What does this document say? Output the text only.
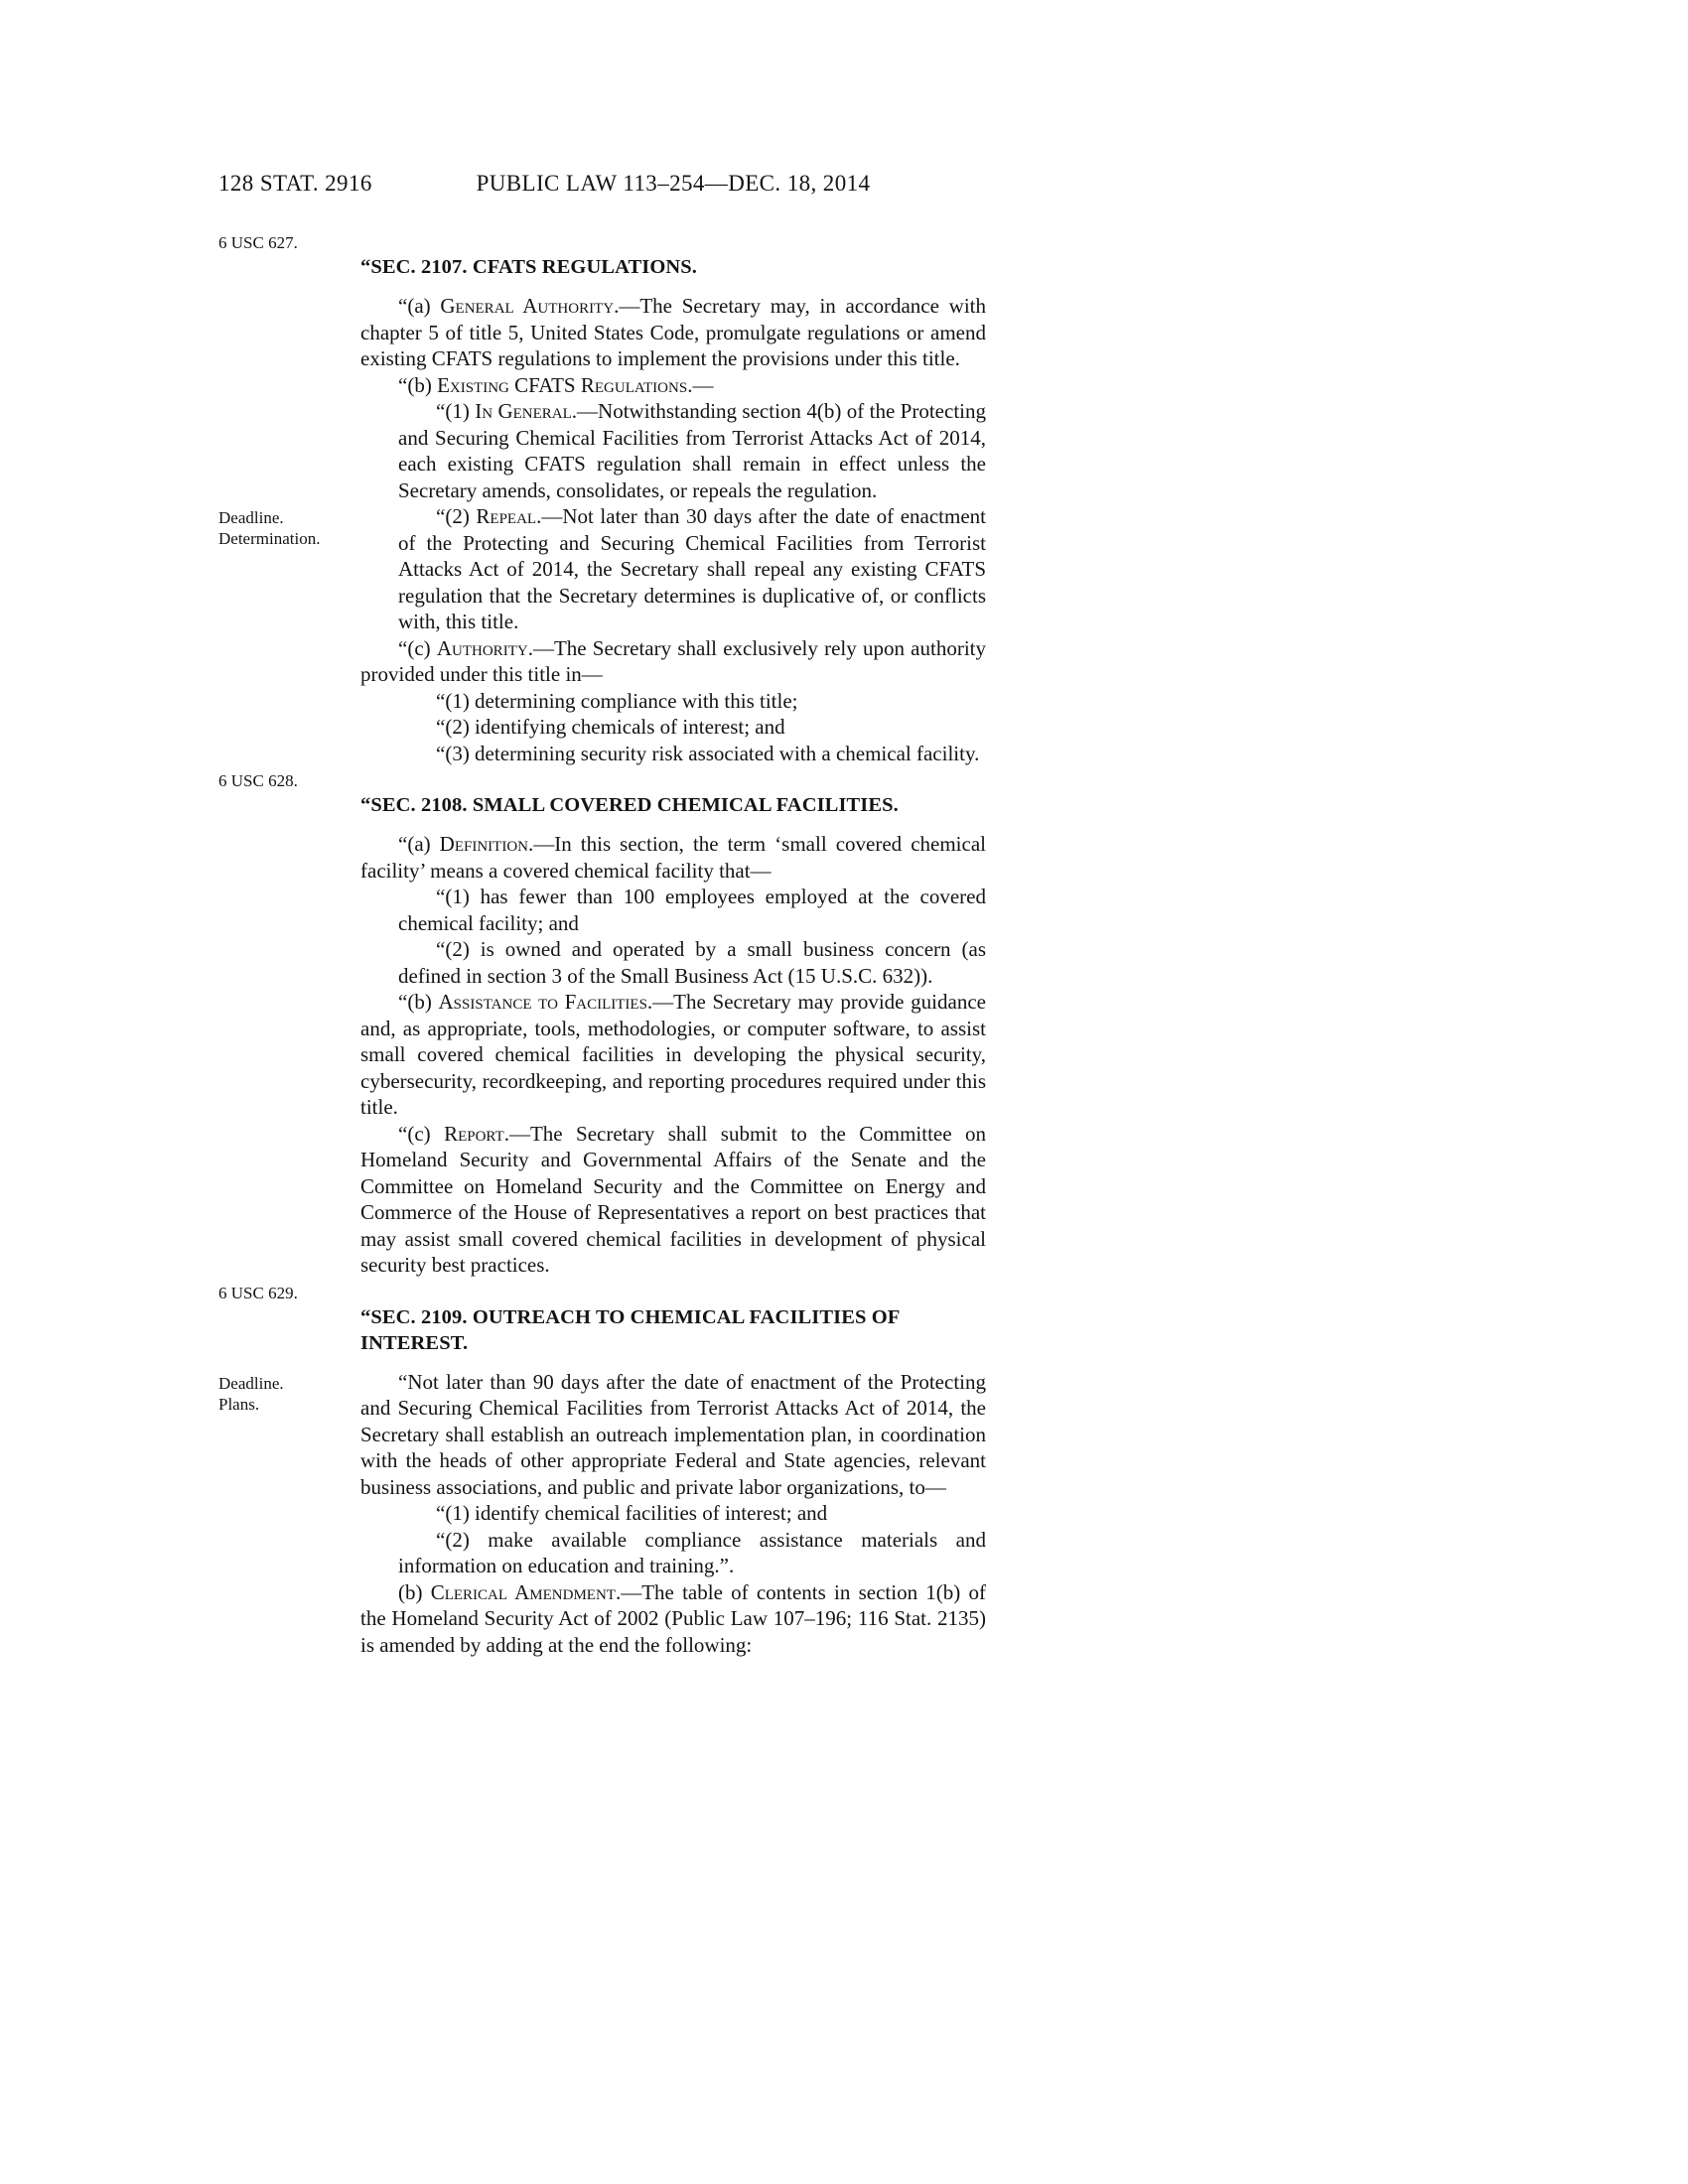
128 STAT. 2916	PUBLIC LAW 113–254—DEC. 18, 2014
6 USC 627.
“SEC. 2107. CFATS REGULATIONS.

“(a) General Authority.—The Secretary may, in accordance with chapter 5 of title 5, United States Code, promulgate regulations or amend existing CFATS regulations to implement the provisions under this title.

“(b) Existing CFATS Regulations.—

“(1) In General.—Notwithstanding section 4(b) of the Protecting and Securing Chemical Facilities from Terrorist Attacks Act of 2014, each existing CFATS regulation shall remain in effect unless the Secretary amends, consolidates, or repeals the regulation.

Deadline.
Determination.

“(2) Repeal.—Not later than 30 days after the date of enactment of the Protecting and Securing Chemical Facilities from Terrorist Attacks Act of 2014, the Secretary shall repeal any existing CFATS regulation that the Secretary determines is duplicative of, or conflicts with, this title.

“(c) Authority.—The Secretary shall exclusively rely upon authority provided under this title in—

“(1) determining compliance with this title;

“(2) identifying chemicals of interest; and

“(3) determining security risk associated with a chemical facility.

6 USC 628.
“SEC. 2108. SMALL COVERED CHEMICAL FACILITIES.

“(a) Definition.—In this section, the term ‘small covered chemical facility’ means a covered chemical facility that—

“(1) has fewer than 100 employees employed at the covered chemical facility; and

“(2) is owned and operated by a small business concern (as defined in section 3 of the Small Business Act (15 U.S.C. 632)).

“(b) Assistance to Facilities.—The Secretary may provide guidance and, as appropriate, tools, methodologies, or computer software, to assist small covered chemical facilities in developing the physical security, cybersecurity, recordkeeping, and reporting procedures required under this title.

“(c) Report.—The Secretary shall submit to the Committee on Homeland Security and Governmental Affairs of the Senate and the Committee on Homeland Security and the Committee on Energy and Commerce of the House of Representatives a report on best practices that may assist small covered chemical facilities in development of physical security best practices.

6 USC 629.
“SEC. 2109. OUTREACH TO CHEMICAL FACILITIES OF INTEREST.
Deadline.
Plans.

“Not later than 90 days after the date of enactment of the Protecting and Securing Chemical Facilities from Terrorist Attacks Act of 2014, the Secretary shall establish an outreach implementation plan, in coordination with the heads of other appropriate Federal and State agencies, relevant business associations, and public and private labor organizations, to—

“(1) identify chemical facilities of interest; and

“(2) make available compliance assistance materials and information on education and training.”.

(b) Clerical Amendment.—The table of contents in section 1(b) of the Homeland Security Act of 2002 (Public Law 107–196; 116 Stat. 2135) is amended by adding at the end the following:
